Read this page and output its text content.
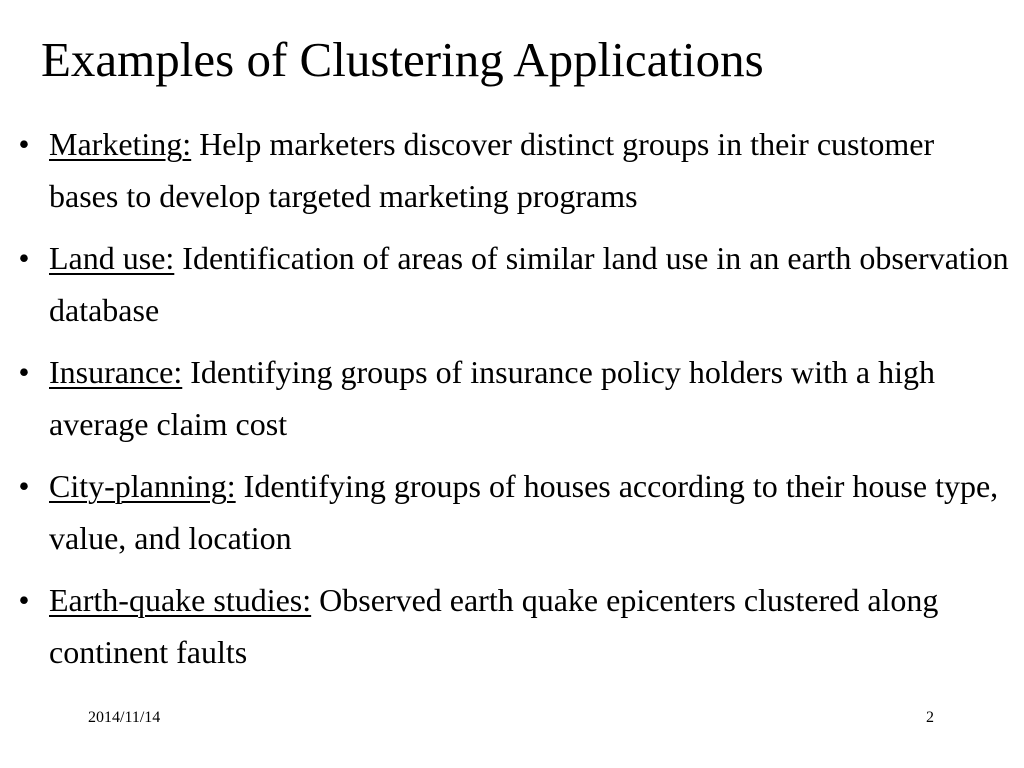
Examples of Clustering Applications
• Marketing: Help marketers discover distinct groups in their customer bases to develop targeted marketing programs
• Land use: Identification of areas of similar land use in an earth observation database
• Insurance: Identifying groups of insurance policy holders with a high average claim cost
• City-planning: Identifying groups of houses according to their house type, value, and location
• Earth-quake studies: Observed earth quake epicenters clustered along continent faults
2014/11/14	2
